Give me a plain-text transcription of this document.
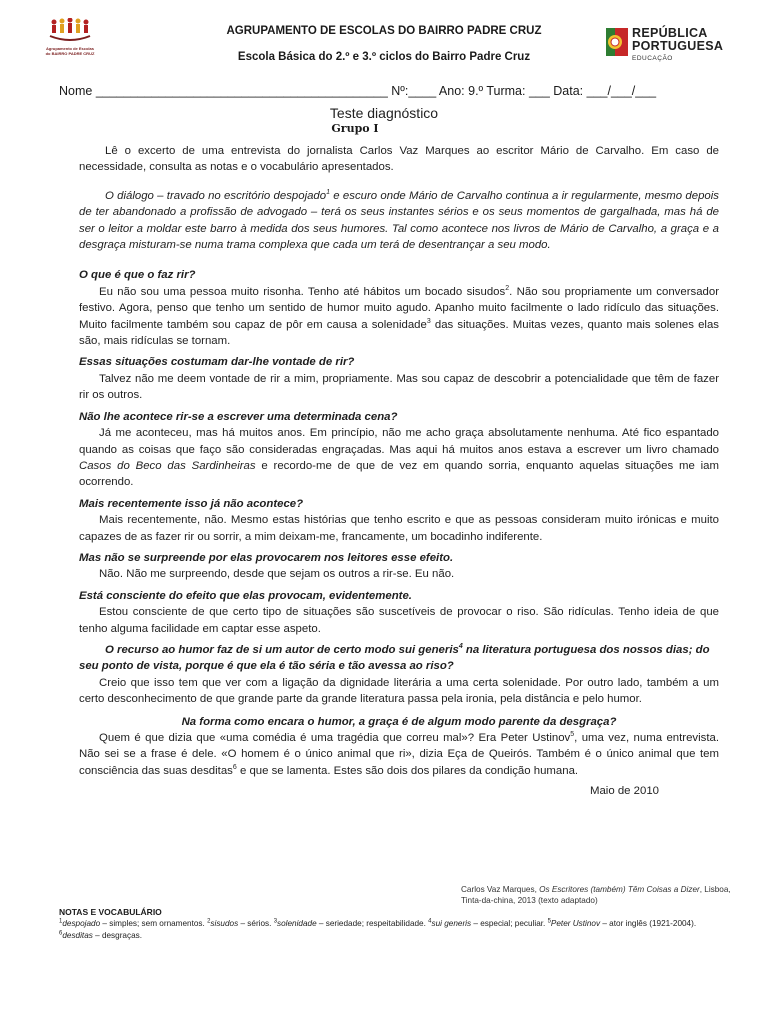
Agrupamento de Escolas do BAIRRO PADRE CRUZ
AGRUPAMENTO DE ESCOLAS DO BAIRRO PADRE CRUZ
Escola Básica do 2.º e 3.º ciclos do Bairro Padre Cruz
REPÚBLICA
PORTUGUESA
EDUCAÇÃO
Nome __________________________________________ Nº:____ Ano: 9.º Turma: ___ Data: ___/___/___
Teste diagnóstico
Grupo I

Lê o excerto de uma entrevista do jornalista Carlos Vaz Marques ao escritor Mário de Carvalho. Em caso de necessidade, consulta as notas e o vocabulário apresentados.

O diálogo – travado no escritório despojado$^1$ e escuro onde Mário de Carvalho continua a ir regularmente, mesmo depois de ter abandonado a profissão de advogado – terá os seus instantes sérios e os seus momentos de gargalhada, mas há de ser o leitor a moldar este barro à medida dos seus humores. Tal como acontece nos livros de Mário de Carvalho, a graça e a desgraça misturam-se numa trama complexa que cada um terá de desentrançar a seu modo.

O que é que o faz rir?

Eu não sou uma pessoa muito risonha. Tenho até hábitos um bocado sisudos$^2$. Não sou propriamente um conversador festivo. Agora, penso que tenho um sentido de humor muito agudo. Apanho muito facilmente o lado ridículo das situações. Muito facilmente também sou capaz de pôr em causa a solenidade$^3$ das situações. Muitas vezes, quanto mais solenes elas são, mais ridículas se tornam.

Essas situações costumam dar-lhe vontade de rir?

Talvez não me deem vontade de rir a mim, propriamente. Mas sou capaz de descobrir a potencialidade que têm de fazer rir os outros.

Não lhe acontece rir-se a escrever uma determinada cena?

Já me aconteceu, mas há muitos anos. Em princípio, não me acho graça absolutamente nenhuma. Até fico espantado quando as coisas que faço são consideradas engraçadas. Mas aqui há muitos anos estava a escrever um livro chamado Casos do Beco das Sardinheiras e recordo-me de que de vez em quando sorria, enquanto aquelas situações me iam ocorrendo.

Mais recentemente isso já não acontece?

Mais recentemente, não. Mesmo estas histórias que tenho escrito e que as pessoas consideram muito irónicas e muito capazes de as fazer rir ou sorrir, a mim deixam-me, francamente, um bocadinho indiferente.

Mas não se surpreende por elas provocarem nos leitores esse efeito.

Não. Não me surpreendo, desde que sejam os outros a rir-se. Eu não.

Está consciente do efeito que elas provocam, evidentemente.

Estou consciente de que certo tipo de situações são suscetíveis de provocar o riso. São ridículas. Tenho ideia de que tenho alguma facilidade em captar esse aspeto.

O recurso ao humor faz de si um autor de certo modo sui generis$^4$ na literatura portuguesa dos nossos dias; do seu ponto de vista, porque é que ela é tão séria e tão avessa ao riso?

Creio que isso tem que ver com a ligação da dignidade literária a uma certa solenidade. Por outro lado, também a um certo desconhecimento de que grande parte da grande literatura passa pela ironia, pela distância e pelo humor.

Na forma como encara o humor, a graça é de algum modo parente da desgraça?

Quem é que dizia que «uma comédia é uma tragédia que correu mal»? Era Peter Ustinov$^5$, uma vez, numa entrevista. Não sei se a frase é dele. «O homem é o único animal que ri», dizia Eça de Queirós. Também é o único animal que tem consciência das suas desditas$^6$ e que se lamenta. Estes são dois dos pilares da condição humana.

Maio de 2010

Carlos Vaz Marques, Os Escritores (também) Têm Coisas a Dizer, Lisboa, Tinta-da-china, 2013 (texto adaptado)
NOTAS E VOCABULÁRIO
$^1$despojado – simples; sem ornamentos. $^2$sisudos – sérios. $^3$solenidade – seriedade; respeitabilidade. $^4$sui generis – especial; peculiar. $^5$Peter Ustinov – ator inglês (1921-2004). $^6$desditas – desgraças.
